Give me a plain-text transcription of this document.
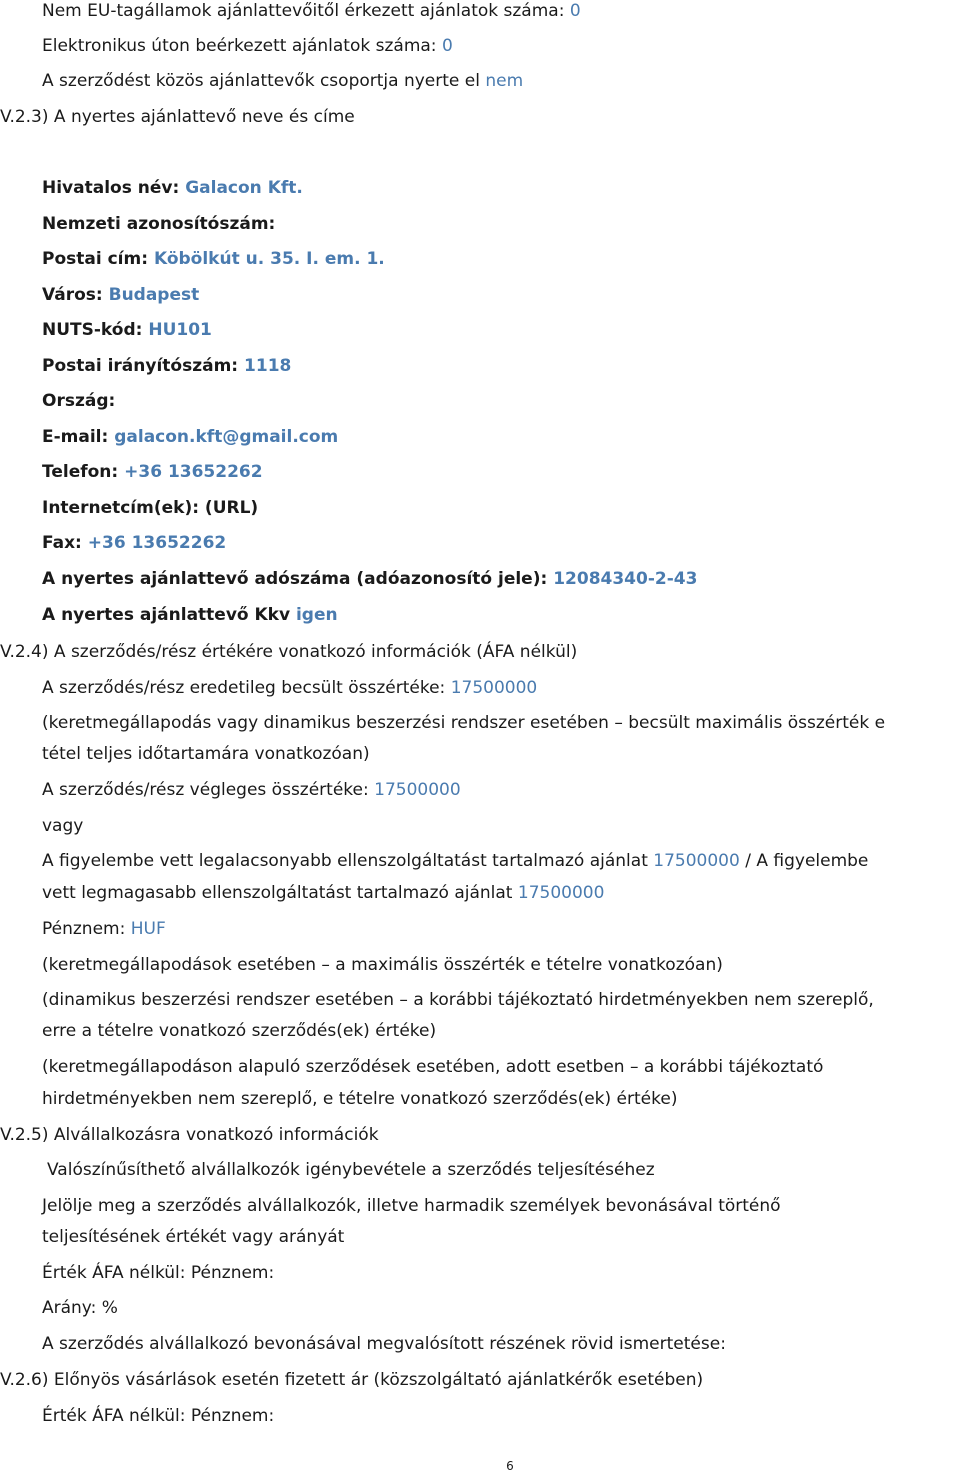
Nem EU-tagállamok ajánlattevőitől érkezett ajánlatok száma: 0
Elektronikus úton beérkezett ajánlatok száma: 0
A szerződést közös ajánlattevők csoportja nyerte el nem
V.2.3) A nyertes ajánlattevő neve és címe
Hivatalos név: Galacon Kft.
Nemzeti azonosítószám:
Postai cím: Köbölkút u. 35. I. em. 1.
Város: Budapest
NUTS-kód: HU101
Postai irányítószám: 1118
Ország:
E-mail: galacon.kft@gmail.com
Telefon: +36 13652262
Internetcím(ek): (URL)
Fax: +36 13652262
A nyertes ajánlattevő adószáma (adóazonosító jele): 12084340-2-43
A nyertes ajánlattevő Kkv igen
V.2.4) A szerződés/rész értékére vonatkozó információk (ÁFA nélkül)
A szerződés/rész eredetileg becsült összértéke: 17500000
(keretmegállapodás vagy dinamikus beszerzési rendszer esetében – becsült maximális összérték e
tétel teljes időtartamára vonatkozóan)
A szerződés/rész végleges összértéke: 17500000
vagy
A figyelembe vett legalacsonyabb ellenszolgáltatást tartalmazó ajánlat 17500000 / A figyelembe
vett legmagasabb ellenszolgáltatást tartalmazó ajánlat 17500000
Pénznem: HUF
(keretmegállapodások esetében – a maximális összérték e tételre vonatkozóan)
(dinamikus beszerzési rendszer esetében – a korábbi tájékoztató hirdetményekben nem szereplő,
erre a tételre vonatkozó szerződés(ek) értéke)
(keretmegállapodáson alapuló szerződések esetében, adott esetben – a korábbi tájékoztató
hirdetményekben nem szereplő, e tételre vonatkozó szerződés(ek) értéke)
V.2.5) Alvállalkozásra vonatkozó információk
Valószínűsíthető alvállalkozók igénybevétele a szerződés teljesítéséhez
Jelölje meg a szerződés alvállalkozók, illetve harmadik személyek bevonásával történő
teljesítésének értékét vagy arányát
Érték ÁFA nélkül: Pénznem:
Arány: %
A szerződés alvállalkozó bevonásával megvalósított részének rövid ismertetése:
V.2.6) Előnyös vásárlások esetén fizetett ár (közszolgáltató ajánlatkérők esetében)
Érték ÁFA nélkül: Pénznem:
6
